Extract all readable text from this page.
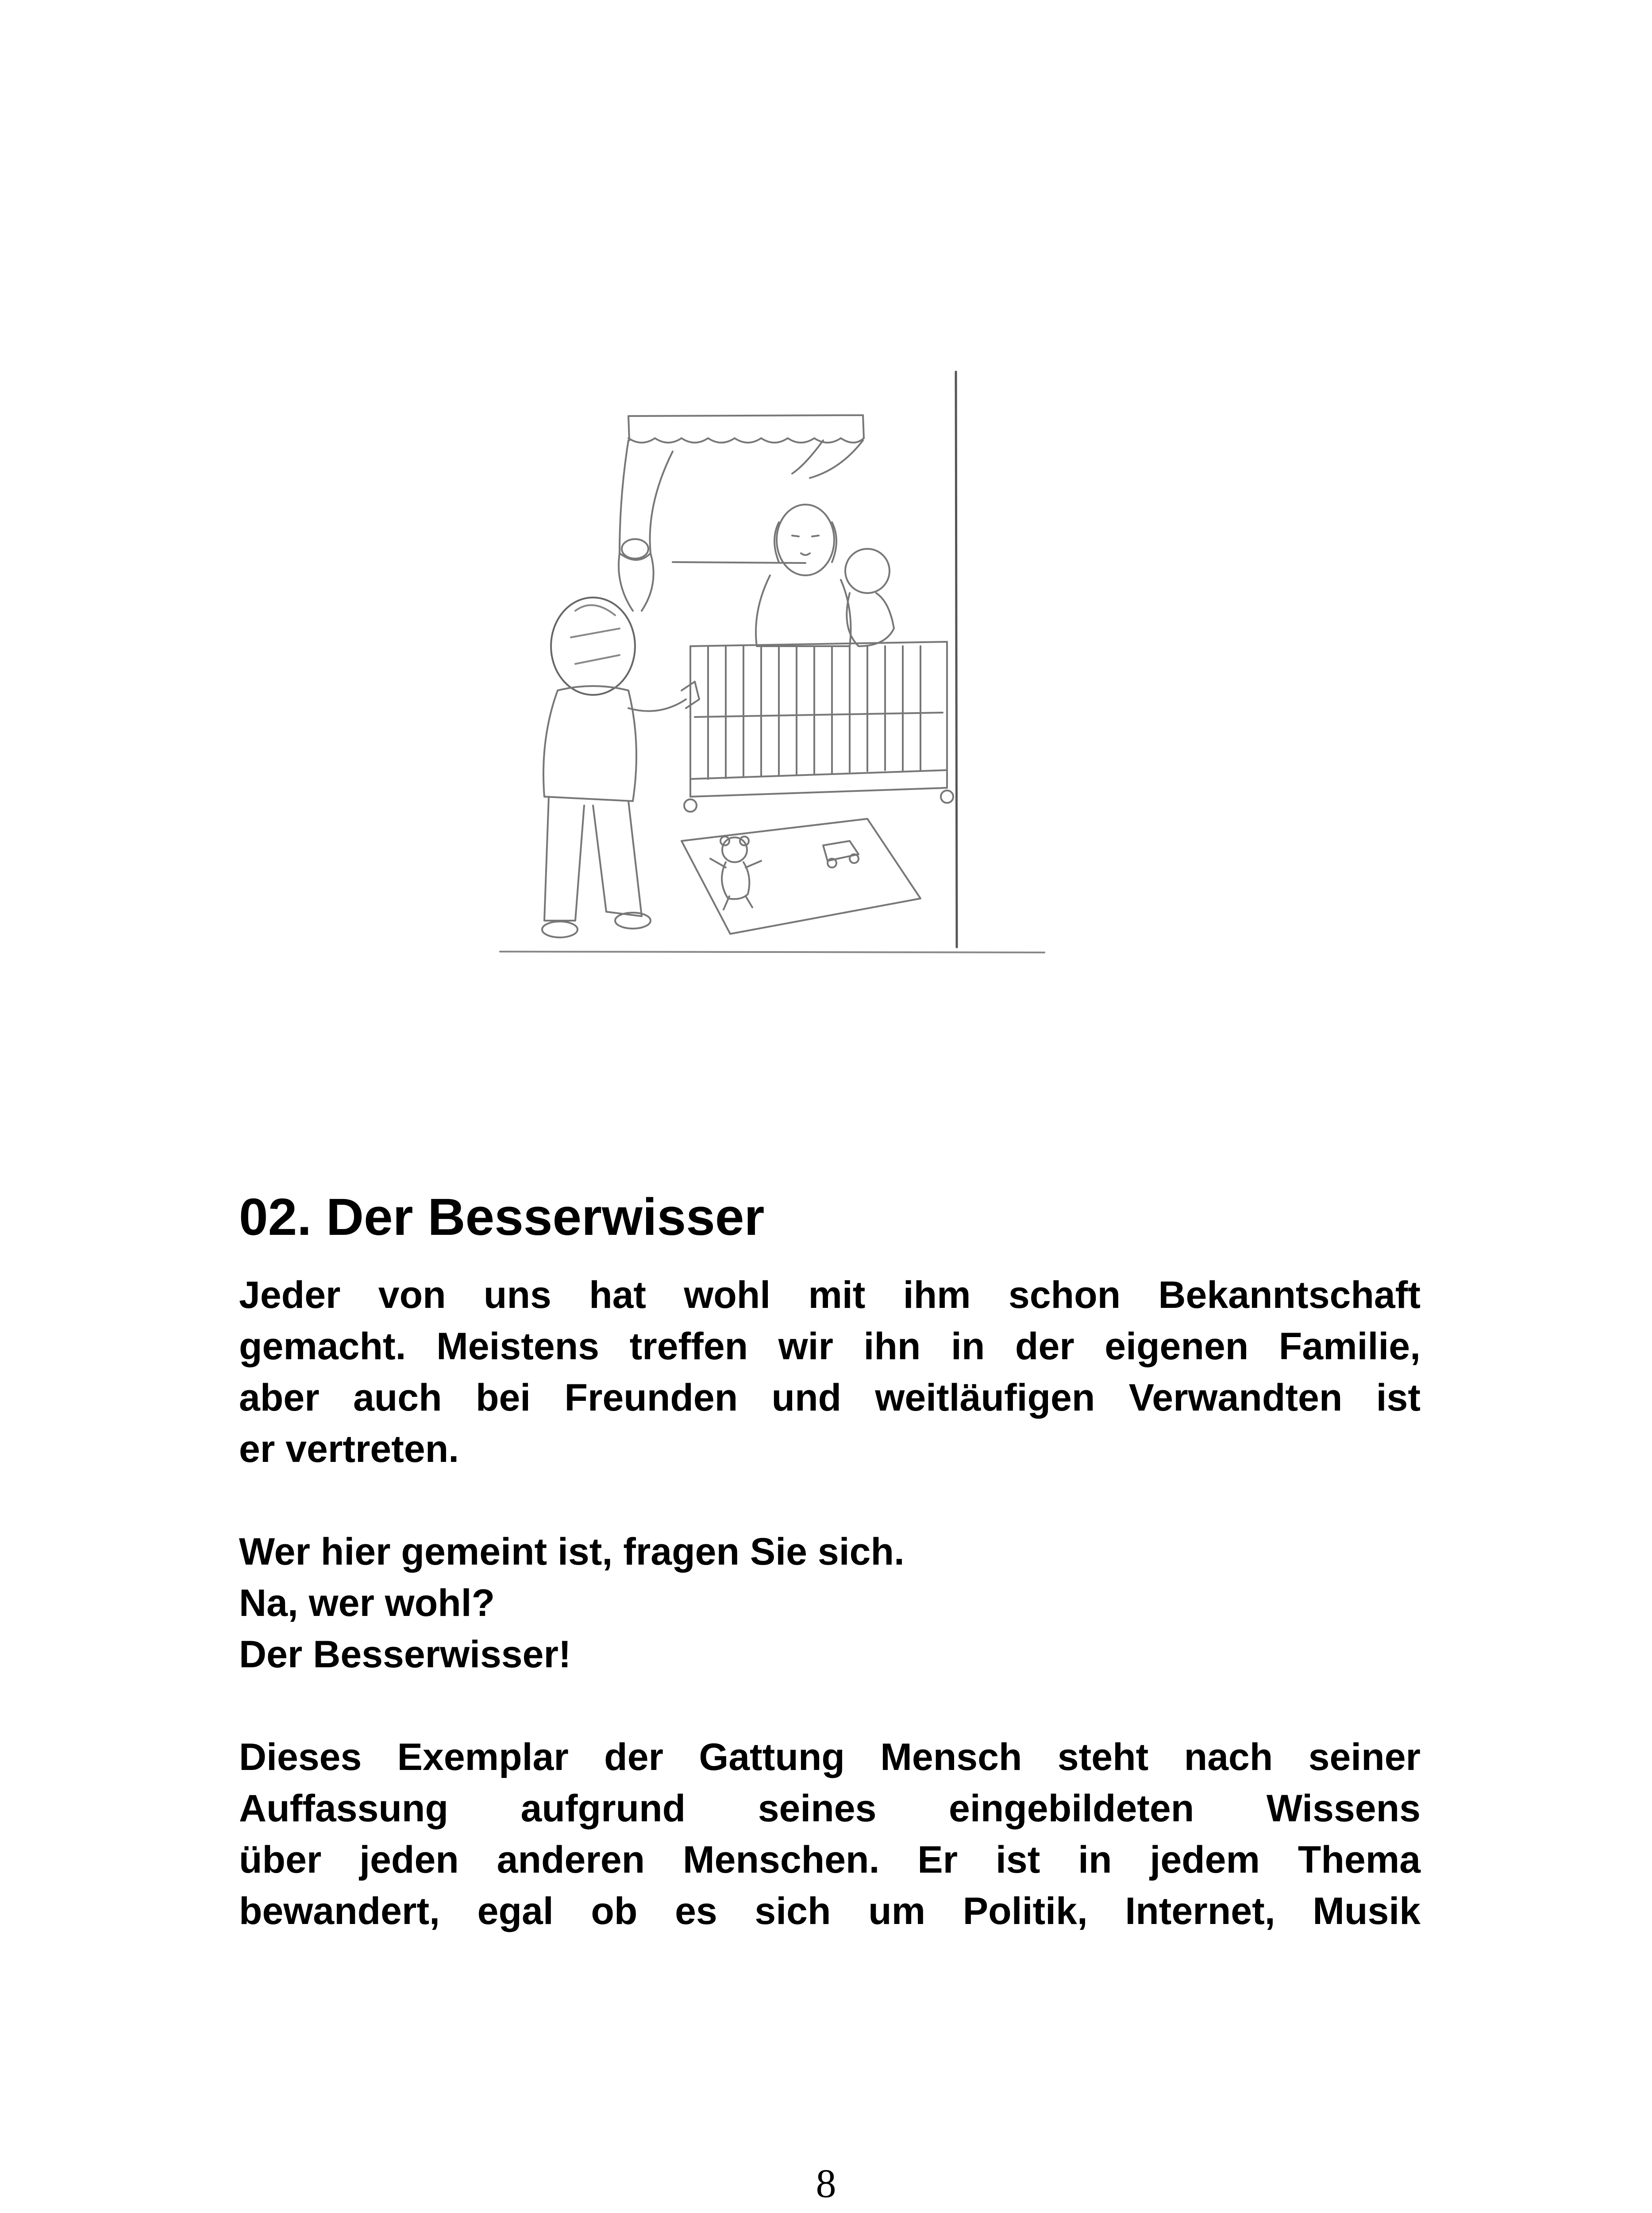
02. Der Besserwisser

Jeder von uns hat wohl mit ihm schon Bekanntschaft
gemacht. Meistens treffen wir ihn in der eigenen Familie,
aber auch bei Freunden und weitläufigen Verwandten ist
er vertreten.

Wer hier gemeint ist, fragen Sie sich.
Na, wer wohl?
Der Besserwisser!

Dieses Exemplar der Gattung Mensch steht nach seiner
Auffassung aufgrund seines eingebildeten Wissens
über jeden anderen Menschen. Er ist in jedem Thema
bewandert, egal ob es sich um Politik, Internet, Musik

8
